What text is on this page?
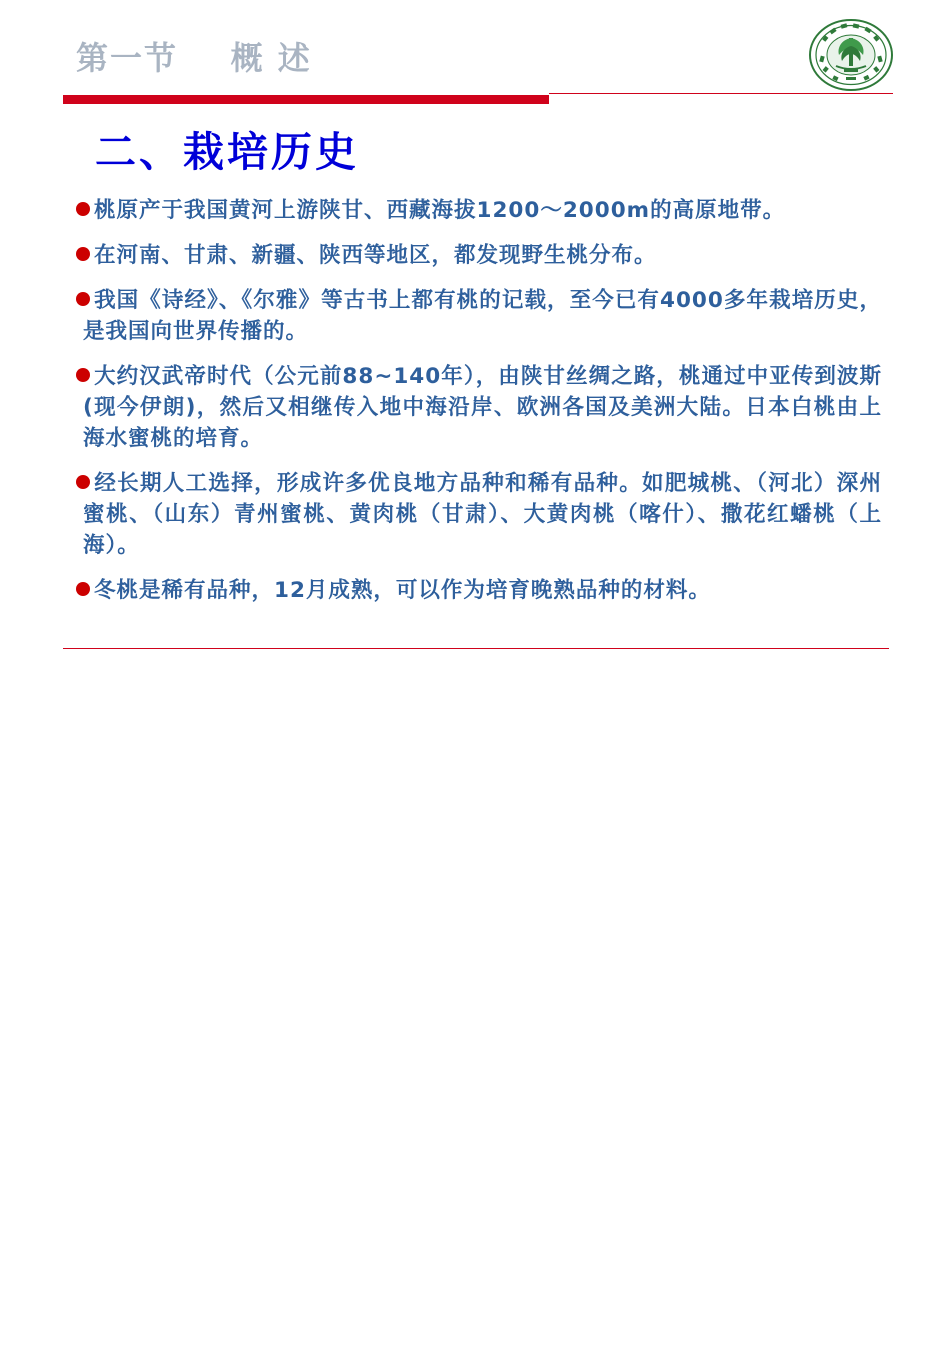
第一节    概 述
二、栽培历史
桃原产于我国黄河上游陕甘、西藏海拔1200～2000m的高原地带。
在河南、甘肃、新疆、陕西等地区，都发现野生桃分布。
我国《诗经》、《尔雅》等古书上都有桃的记载，至今已有4000多年栽培历史，是我国向世界传播的。
大约汉武帝时代（公元前88~140年），由陕甘丝绸之路，桃通过中亚传到波斯(现今伊朗)，然后又相继传入地中海沿岸、欧洲各国及美洲大陆。日本白桃由上海水蜜桃的培育。
经长期人工选择，形成许多优良地方品种和稀有品种。如肥城桃、（河北）深州蜜桃、（山东）青州蜜桃、黄肉桃（甘肃）、大黄肉桃（喀什）、撒花红蟠桃（上海）。
冬桃是稀有品种，12月成熟，可以作为培育晚熟品种的材料。
